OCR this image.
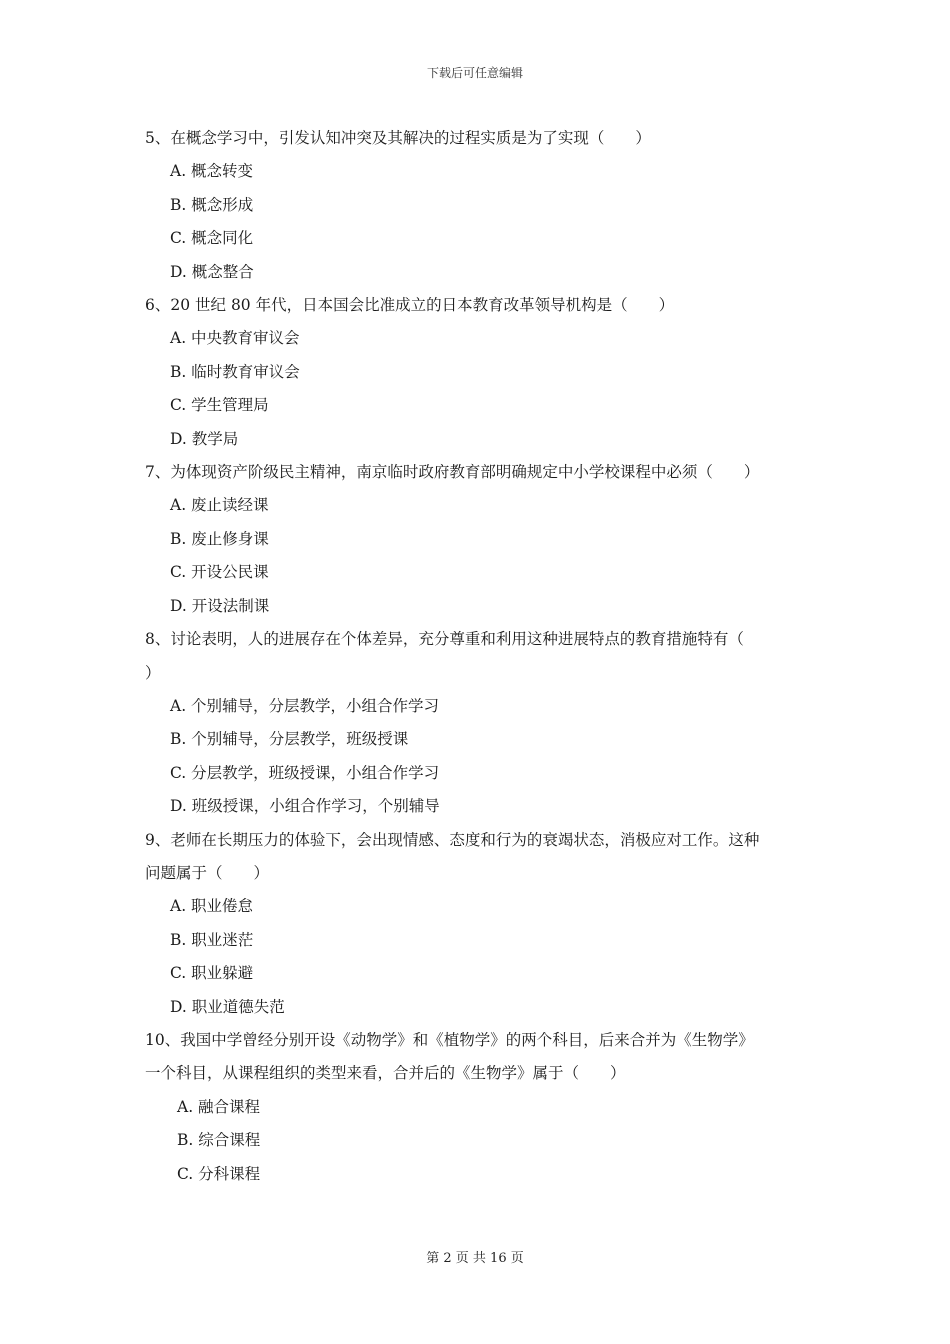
下载后可任意编辑

5、在概念学习中，引发认知冲突及其解决的过程实质是为了实现（　　）

A. 概念转变

B. 概念形成

C. 概念同化

D. 概念整合

6、20 世纪 80 年代，日本国会比准成立的日本教育改革领导机构是（　　）

A. 中央教育审议会

B. 临时教育审议会

C. 学生管理局

D. 教学局

7、为体现资产阶级民主精神，南京临时政府教育部明确规定中小学校课程中必须（　　）

A. 废止读经课

B. 废止修身课

C. 开设公民课

D. 开设法制课

8、讨论表明，人的进展存在个体差异，充分尊重和利用这种进展特点的教育措施特有（

）

A. 个别辅导，分层教学，小组合作学习

B. 个别辅导，分层教学，班级授课

C. 分层教学，班级授课，小组合作学习

D. 班级授课，小组合作学习，个别辅导

9、老师在长期压力的体验下，会出现情感、态度和行为的衰竭状态，消极应对工作。这种

问题属于（　　）

A. 职业倦怠

B. 职业迷茫

C. 职业躲避

D. 职业道德失范

10、我国中学曾经分别开设《动物学》和《植物学》的两个科目，后来合并为《生物学》

一个科目，从课程组织的类型来看，合并后的《生物学》属于（　　）

A. 融合课程

B. 综合课程

C. 分科课程

第 2 页 共 16 页
